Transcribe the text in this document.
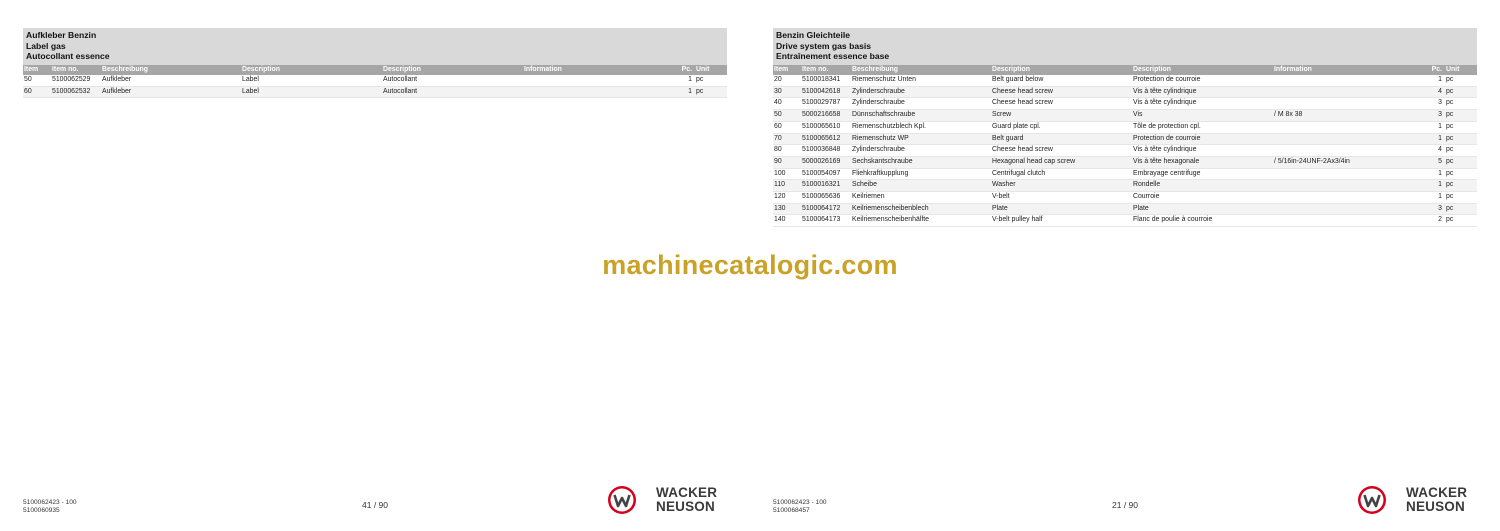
Aufkleber Benzin
Label gas
Autocollant essence
Item	Item no.	Beschreibung	Description	Description	Information	Pc.	Unit
50	5100062529	Aufkleber	Label	Autocollant		1	pc
60	5100062532	Aufkleber	Label	Autocollant		1	pc
5100062423 - 100
5100060935
41 / 90
WACKER
NEUSON
Benzin Gleichteile
Drive system gas basis
Entraînement essence base
Item	Item no.	Beschreibung	Description	Description	Information	Pc.	Unit
20	5100018341	Riemenschutz Unten	Belt guard below	Protection de courroie		1	pc
30	5100042618	Zylinderschraube	Cheese head screw	Vis à tête cylindrique		4	pc
40	5100029787	Zylinderschraube	Cheese head screw	Vis à tête cylindrique		3	pc
50	5000216658	Dünnschaftschraube	Screw	Vis	/ M 8x 38	3	pc
60	5100065610	Riemenschutzblech Kpl.	Guard plate cpl.	Tôle de protection cpl.		1	pc
70	5100065612	Riemenschutz WP	Belt guard	Protection de courroie		1	pc
80	5100036848	Zylinderschraube	Cheese head screw	Vis à tête cylindrique		4	pc
90	5000026169	Sechskantschraube	Hexagonal head cap screw	Vis à tête hexagonale	/ 5/16in-24UNF-2Ax3/4in	5	pc
100	5100054097	Fliehkraftkupplung	Centrifugal clutch	Embrayage centrifuge		1	pc
110	5100016321	Scheibe	Washer	Rondelle		1	pc
120	5100065636	Keilriemen	V-belt	Courroie		1	pc
130	5100064172	Keilriemenscheibenblech	Plate	Plate		3	pc
140	5100064173	Keilriemenscheibenhälfte	V-belt pulley half	Flanc de poulie à courroie		2	pc
5100062423 - 100
5100068457
21 / 90
WACKER
NEUSON
machinecatalogic.com
